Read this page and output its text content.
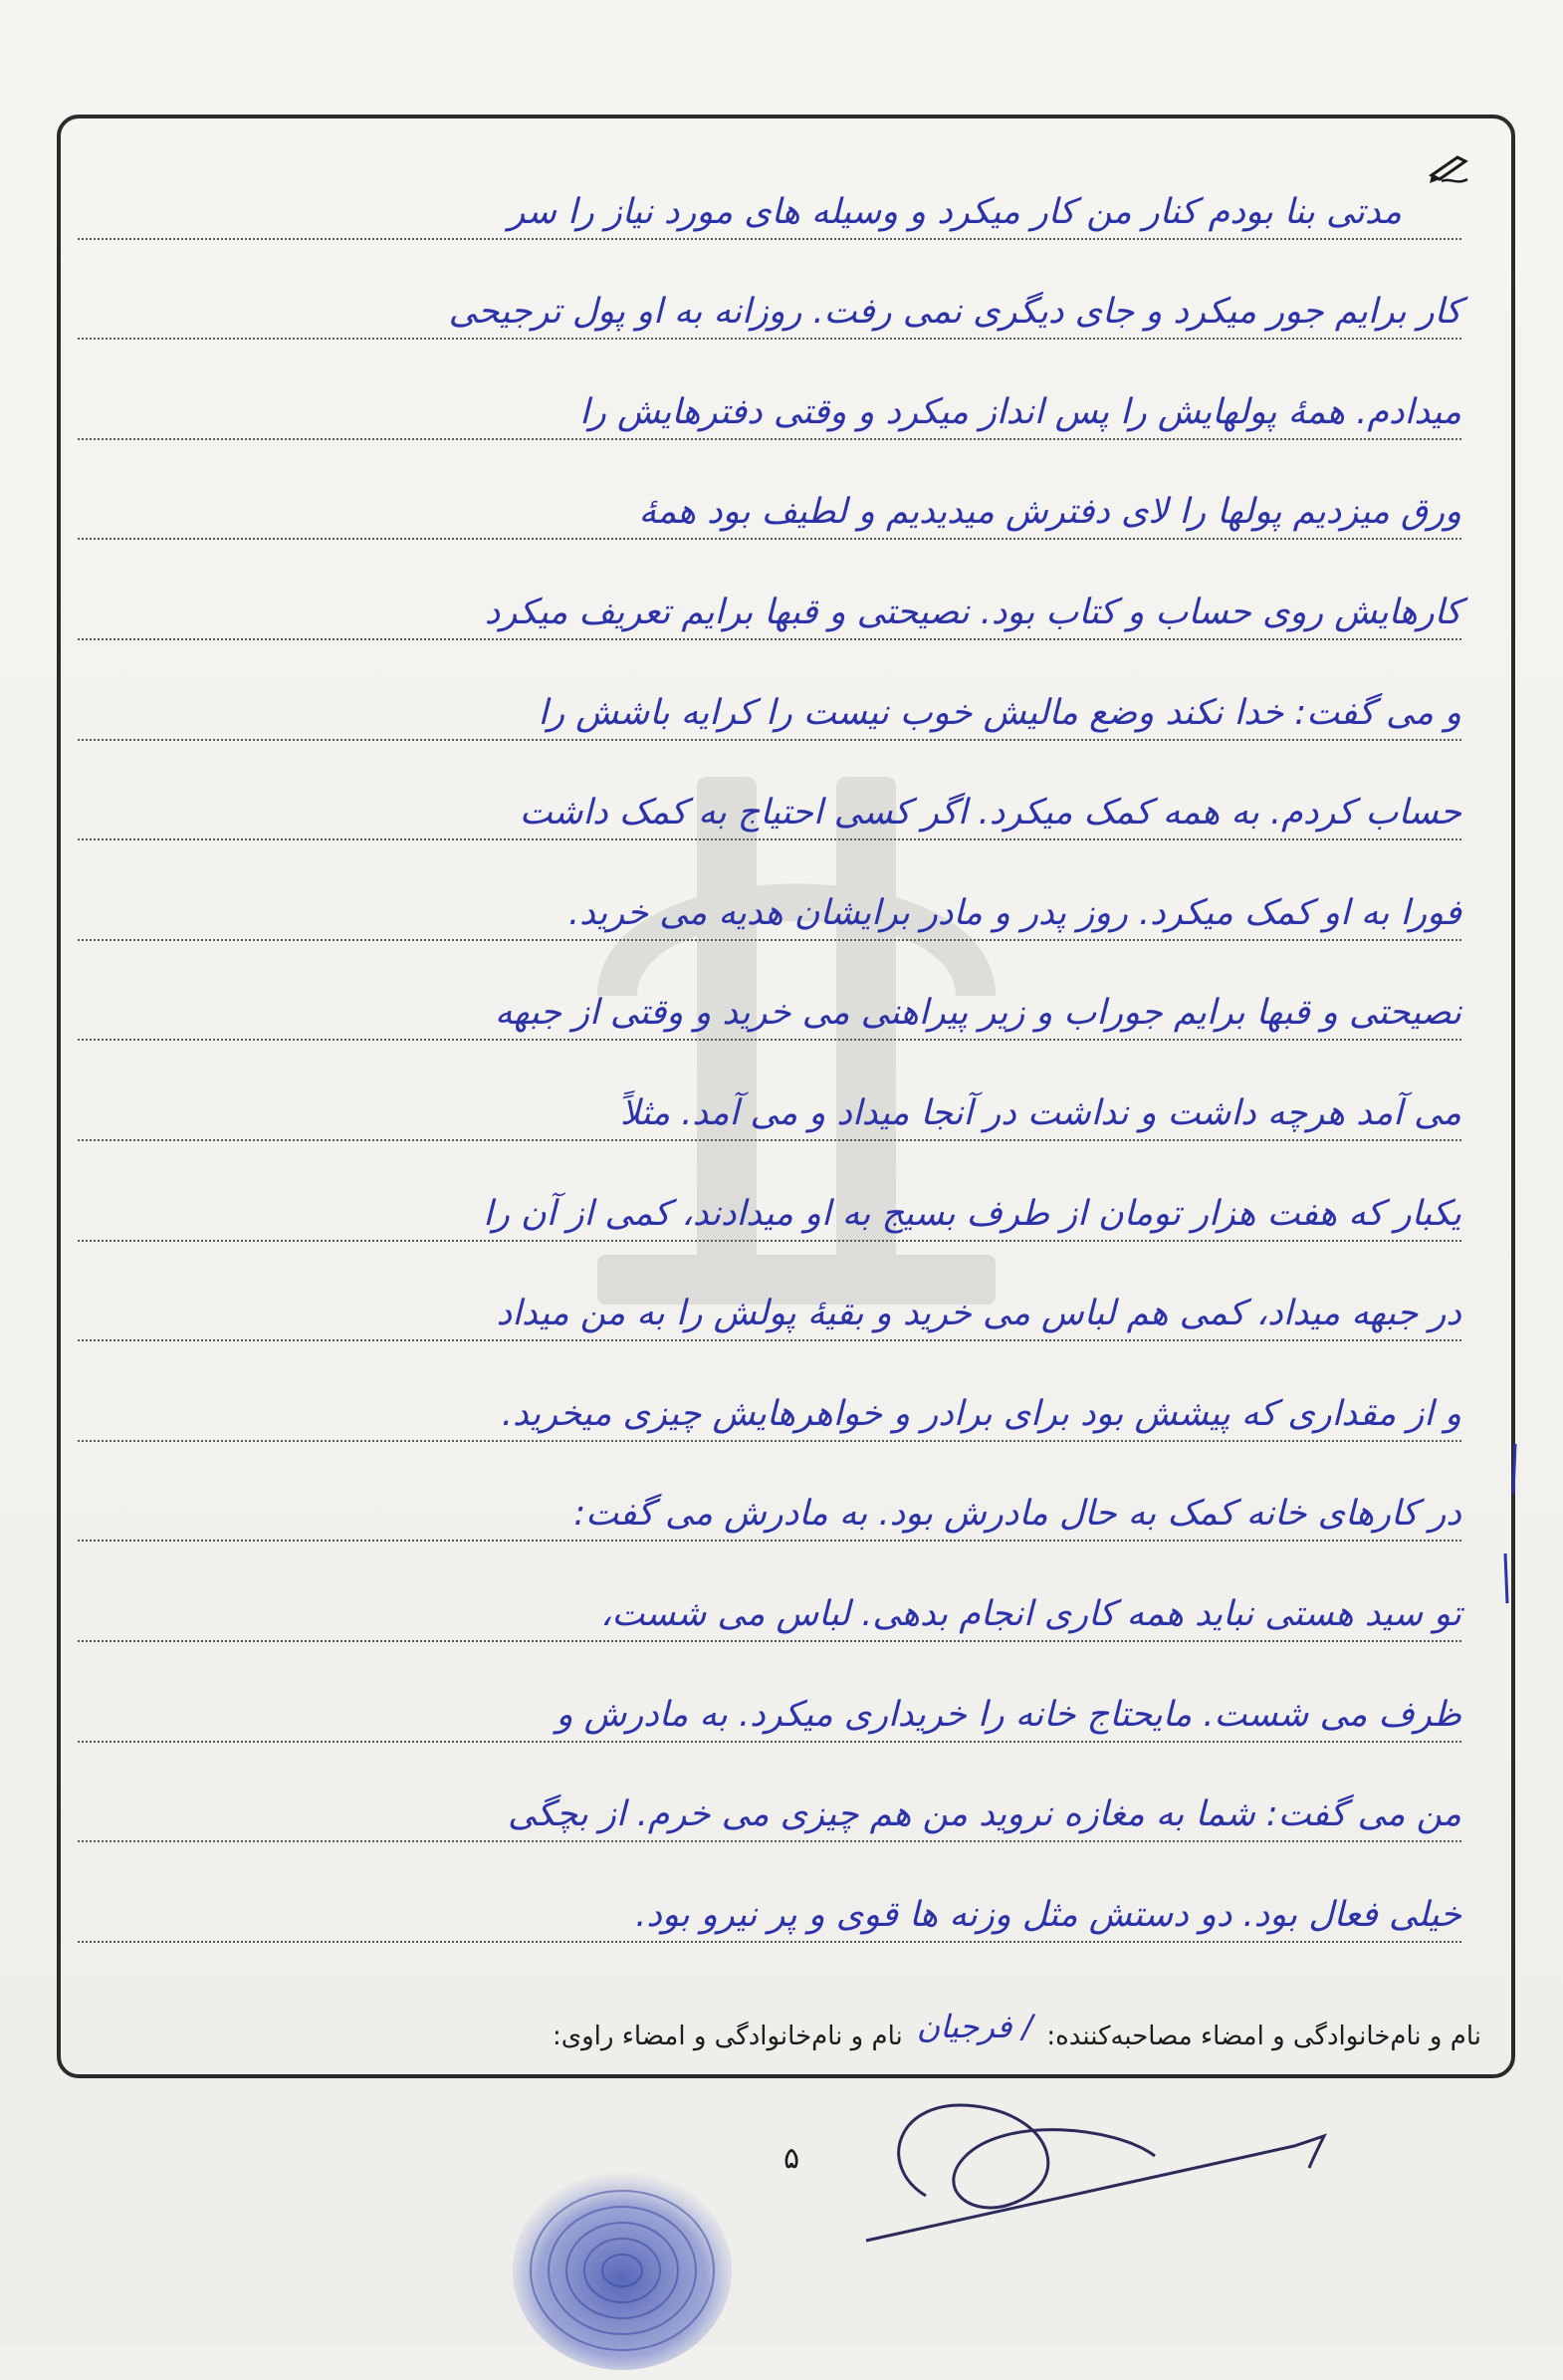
مدتی بنا بودم کنار من کار میکرد و وسیله های مورد نیاز را سر
کار برایم جور میکرد و جای دیگری نمی رفت. روزانه به او پول ترجیحی
میدادم. همهٔ پولهایش را پس انداز میکرد و وقتی دفترهایش را
ورق میزدیم پولها را لای دفترش میدیدیم و لطیف بود همهٔ
کارهایش روی حساب و کتاب بود. نصیحتی و قبها برایم تعریف میکرد
و می گفت: خدا نکند وضع مالیش خوب نیست را کرایه باشش را
حساب کردم. به همه کمک میکرد. اگر کسی احتیاج به کمک داشت
فورا به او کمک میکرد. روز پدر و مادر برایشان هدیه می خرید.
نصیحتی و قبها برایم جوراب و زیر پیراهنی می خرید و وقتی از جبهه
می آمد هرچه داشت و نداشت در آنجا میداد و می آمد. مثلاً
یکبار که هفت هزار تومان از طرف بسیج به او میدادند، کمی از آن را
در جبهه میداد، کمی هم لباس می خرید و بقیهٔ پولش را به من میداد
و از مقداری که پیشش بود برای برادر و خواهرهایش چیزی میخرید.
در کارهای خانه کمک به حال مادرش بود. به مادرش می گفت:
تو سید هستی نباید همه کاری انجام بدهی. لباس می شست،
ظرف می شست. مایحتاج خانه را خریداری میکرد. به مادرش و
من می گفت: شما به مغازه نروید من هم چیزی می خرم. از بچگی
خیلی فعال بود. دو دستش مثل وزنه ها قوی و پر نیرو بود.
نام و نام‌خانوادگی و امضاء مصاحبه‌کننده:
/ فرجیان
نام و نام‌خانوادگی و امضاء راوی:
۵
